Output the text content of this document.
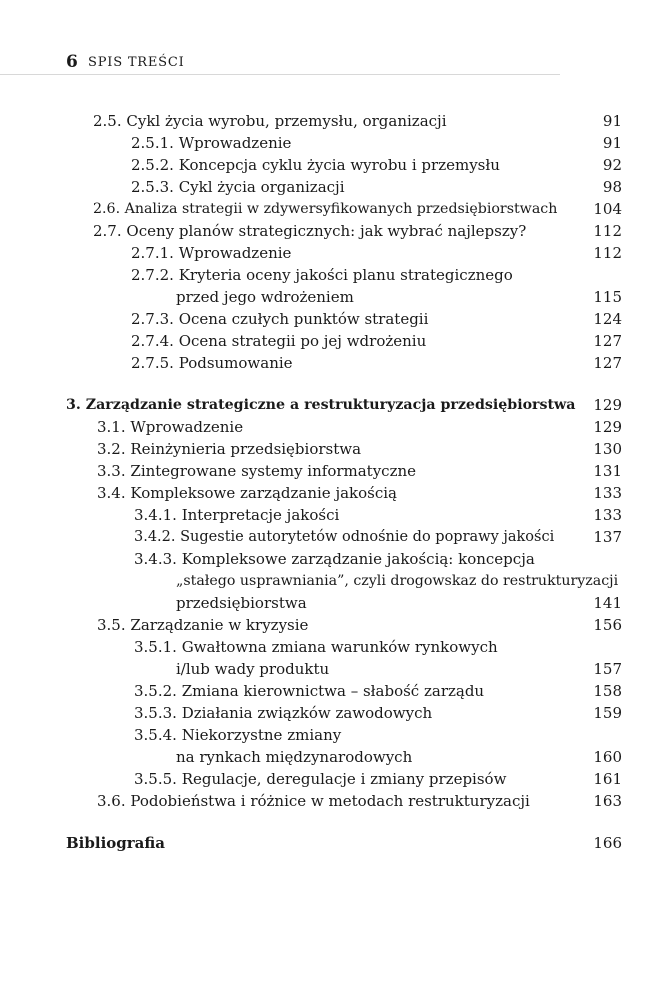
6 SPIS TREŚCI
2.5. Cykl życia wyrobu, przemysłu, organizacji	91
2.5.1. Wprowadzenie	91
2.5.2. Koncepcja cyklu życia wyrobu i przemysłu	92
2.5.3. Cykl życia organizacji	98
2.6. Analiza strategii w zdywersyfikowanych przedsiębiorstwach 104
2.7. Oceny planów strategicznych: jak wybrać najlepszy?	112
2.7.1. Wprowadzenie	112
2.7.2. Kryteria oceny jakości planu strategicznego
przed jego wdrożeniem	115
2.7.3. Ocena czułych punktów strategii	124
2.7.4. Ocena strategii po jej wdrożeniu	127
2.7.5. Podsumowanie	127
3. Zarządzanie strategiczne a restrukturyzacja przedsiębiorstwa 129
3.1. Wprowadzenie	129
3.2. Reinżynieria przedsiębiorstwa	130
3.3. Zintegrowane systemy informatyczne	131
3.4. Kompleksowe zarządzanie jakością	133
3.4.1. Interpretacje jakości	133
3.4.2. Sugestie autorytetów odnośnie do poprawy jakości	137
3.4.3. Kompleksowe zarządzanie jakością: koncepcja
„stałego usprawniania”, czyli drogowskaz do restrukturyzacji
przedsiębiorstwa	141
3.5. Zarządzanie w kryzysie	156
3.5.1. Gwałtowna zmiana warunków rynkowych
i/lub wady produktu	157
3.5.2. Zmiana kierownictwa – słabość zarządu	158
3.5.3. Działania związków zawodowych	159
3.5.4. Niekorzystne zmiany
na rynkach międzynarodowych	160
3.5.5. Regulacje, deregulacje i zmiany przepisów	161
3.6. Podobieństwa i różnice w metodach restrukturyzacji	163
Bibliografia	166
